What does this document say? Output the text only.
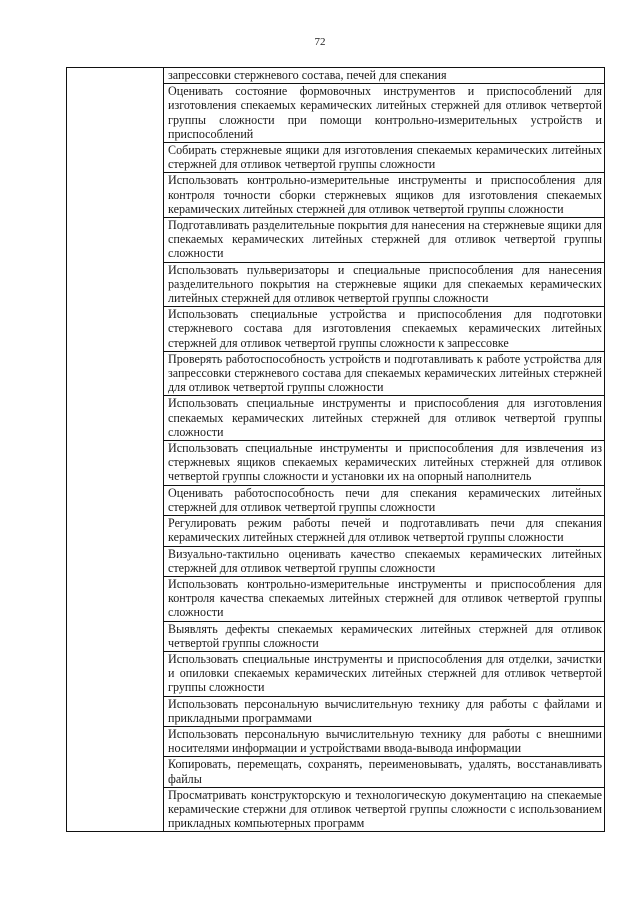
72

запрессовки стержневого состава, печей для спекания

Оценивать состояние формовочных инструментов и приспособлений для изготовления спекаемых керамических литейных стержней для отливок четвертой группы сложности при помощи контрольно-измерительных устройств и приспособлений

Собирать стержневые ящики для изготовления спекаемых керамических литейных стержней для отливок четвертой группы сложности

Использовать контрольно-измерительные инструменты и приспособления для контроля точности сборки стержневых ящиков для изготовления спекаемых керамических литейных стержней для отливок четвертой группы сложности

Подготавливать разделительные покрытия для нанесения на стержневые ящики для спекаемых керамических литейных стержней для отливок четвертой группы сложности

Использовать пульверизаторы и специальные приспособления для нанесения разделительного покрытия на стержневые ящики для спекаемых керамических литейных стержней для отливок четвертой группы сложности

Использовать специальные устройства и приспособления для подготовки стержневого состава для изготовления спекаемых керамических литейных стержней для отливок четвертой группы сложности к запрессовке

Проверять работоспособность устройств и подготавливать к работе устройства для запрессовки стержневого состава для спекаемых керамических литейных стержней для отливок четвертой группы сложности

Использовать специальные инструменты и приспособления для изготовления спекаемых керамических литейных стержней для отливок четвертой группы сложности

Использовать специальные инструменты и приспособления для извлечения из стержневых ящиков спекаемых керамических литейных стержней для отливок четвертой группы сложности и установки их на опорный наполнитель

Оценивать работоспособность печи для спекания керамических литейных стержней для отливок четвертой группы сложности

Регулировать режим работы печей и подготавливать печи для спекания керамических литейных стержней для отливок четвертой группы сложности

Визуально-тактильно оценивать качество спекаемых керамических литейных стержней для отливок четвертой группы сложности

Использовать контрольно-измерительные инструменты и приспособления для контроля качества спекаемых литейных стержней для отливок четвертой группы сложности

Выявлять дефекты спекаемых керамических литейных стержней для отливок четвертой группы сложности

Использовать специальные инструменты и приспособления для отделки, зачистки и опиловки спекаемых керамических литейных стержней для отливок четвертой группы сложности

Использовать персональную вычислительную технику для работы с файлами и прикладными программами

Использовать персональную вычислительную технику для работы с внешними носителями информации и устройствами ввода-вывода информации

Копировать, перемещать, сохранять, переименовывать, удалять, восстанавливать файлы

Просматривать конструкторскую и технологическую документацию на спекаемые керамические стержни для отливок четвертой группы сложности с использованием прикладных компьютерных программ
